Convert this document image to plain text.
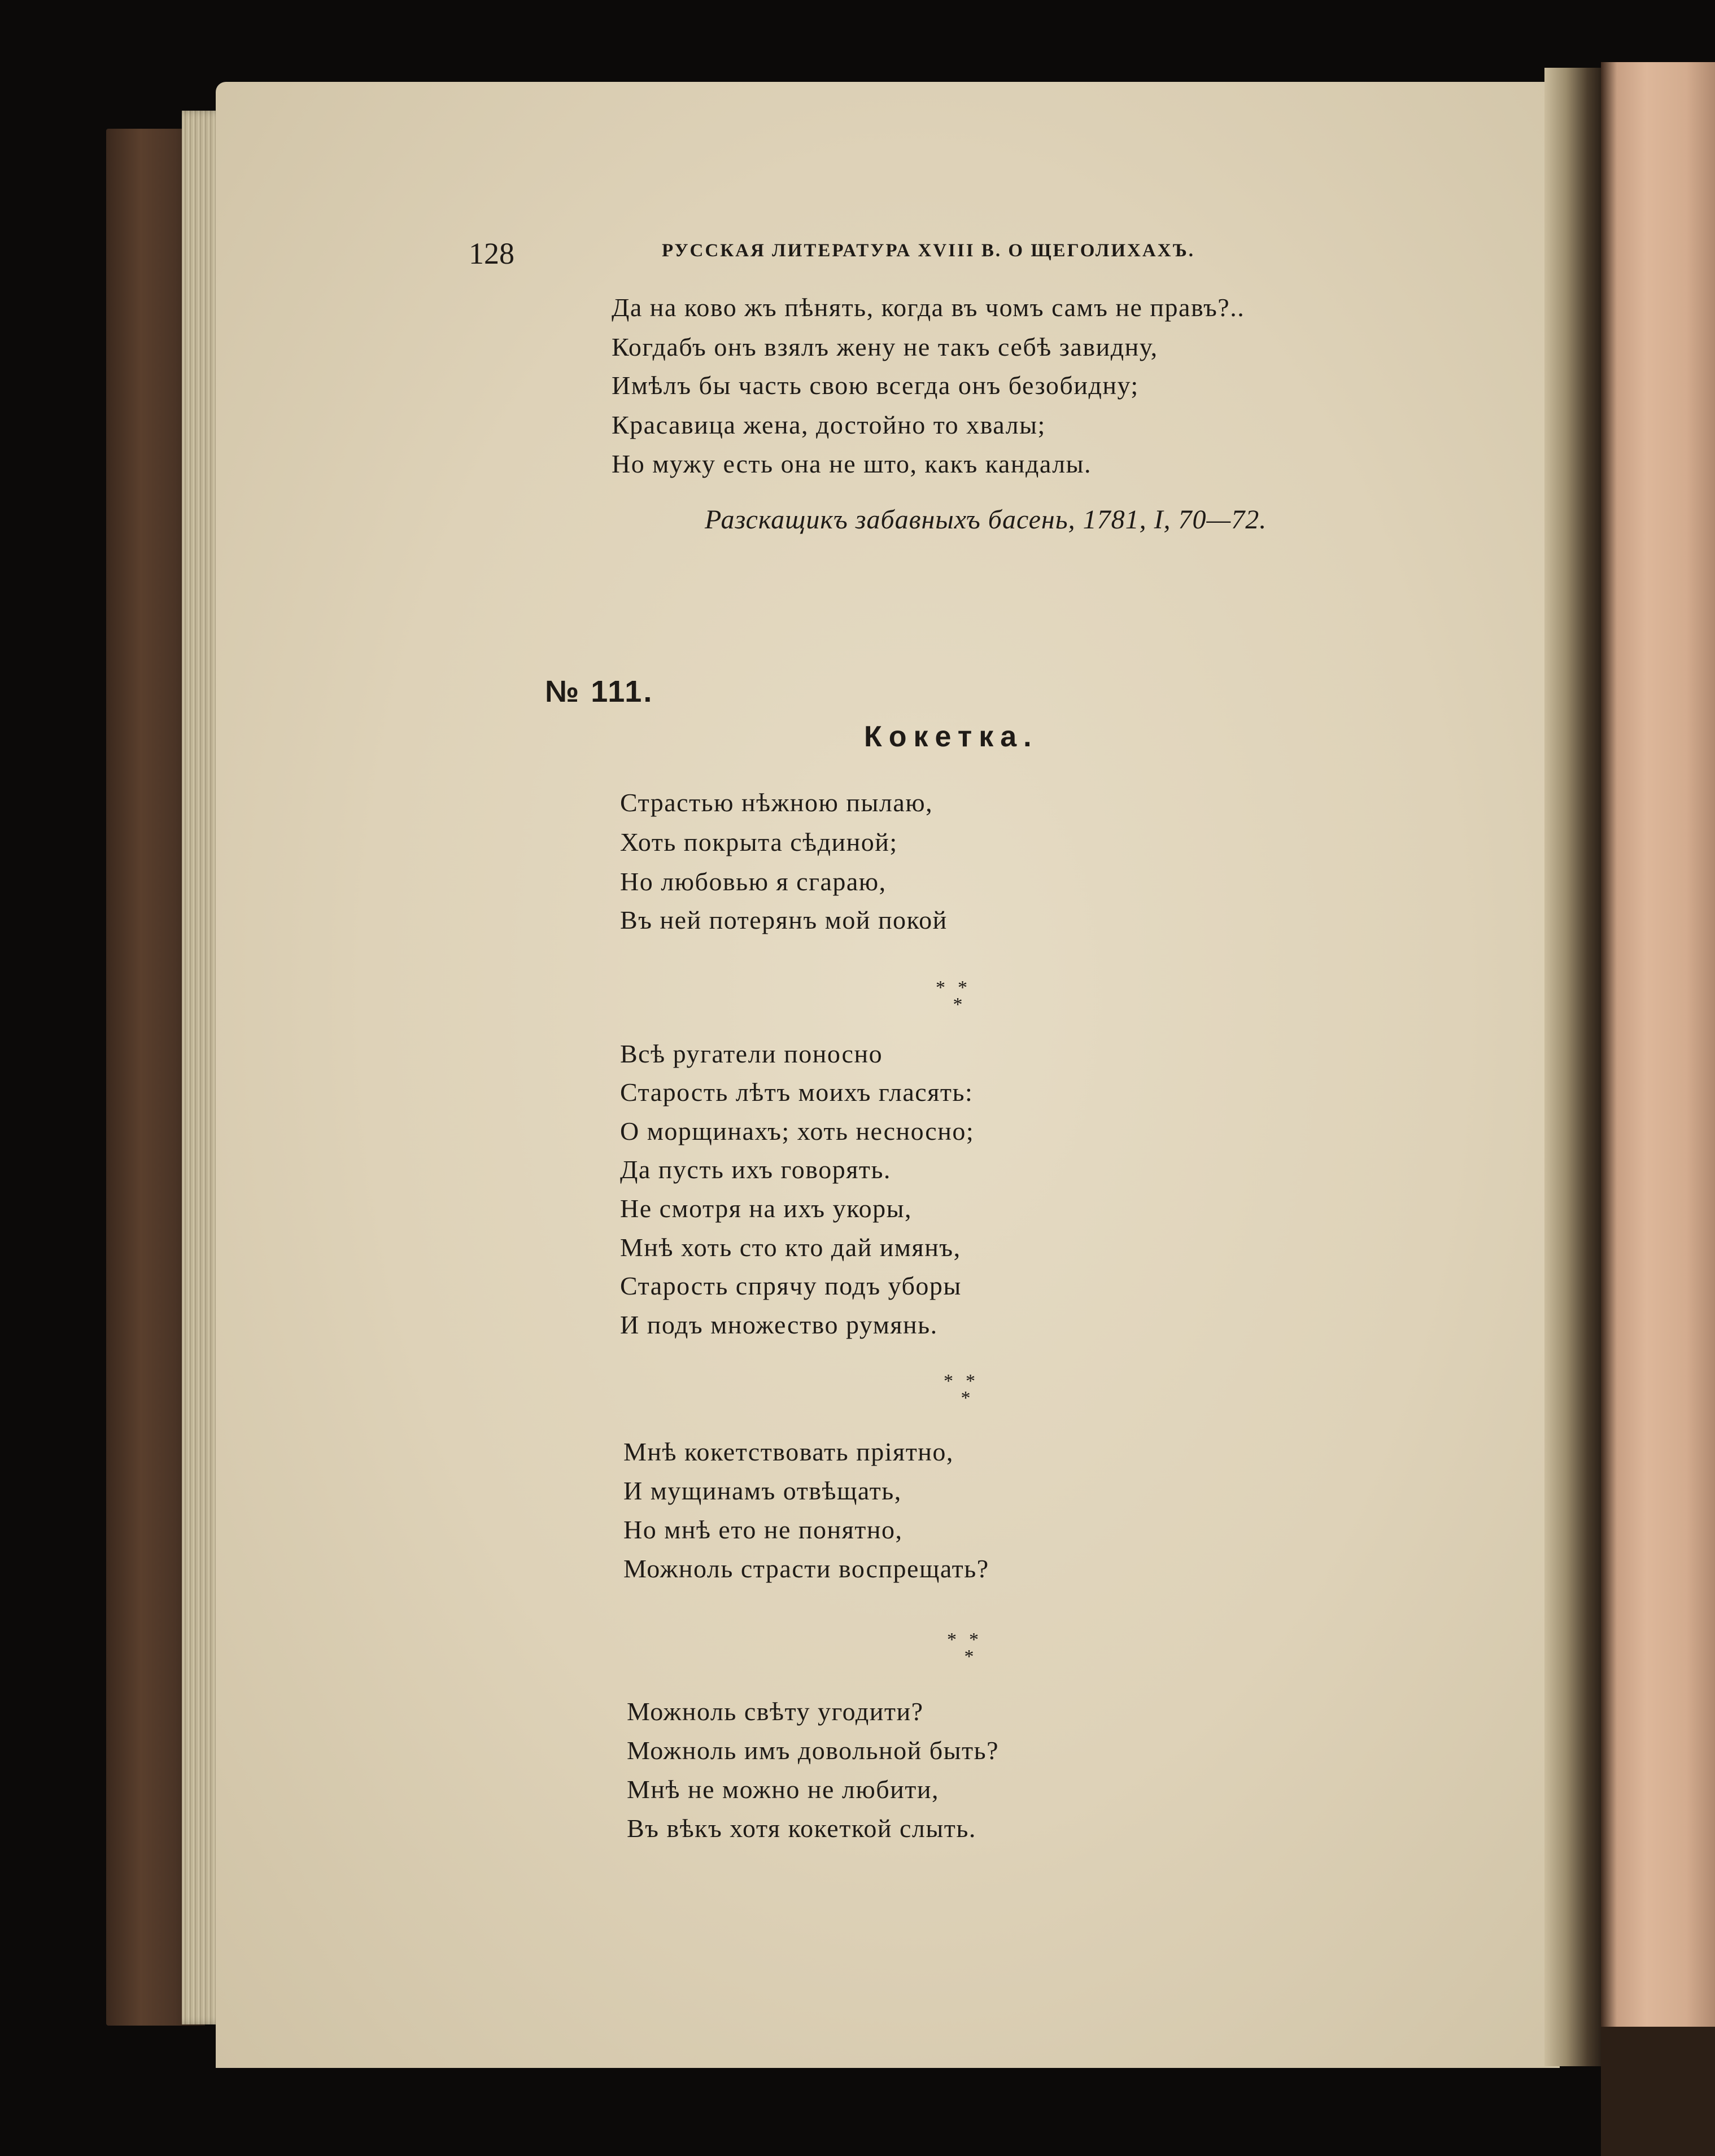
128	РУССКАЯ ЛИТЕРАТУРА XVIII В. О ЩЕГОЛИХАХЪ.
Да на ково жъ пѣнять, когда въ чомъ самъ не правъ?..
Когдабъ онъ взялъ жену не такъ себѣ завидну,
Имѣлъ бы часть свою всегда онъ безобидну;
Красавица жена, достойно то хвалы;
Но мужу есть она не што, какъ кандалы.
Разскащикъ забавныхъ басень, 1781, I, 70—72.
№ 111.
Кокетка.
Страстью нѣжною пылаю,
Хоть покрыта сѣдиной;
Но любовью я сгараю,
Въ ней потерянъ мой покой
**
*
Всѣ ругатели поносно
Старость лѣтъ моихъ гласять:
О морщинахъ; хоть несносно;
Да пусть ихъ говорять.
Не смотря на ихъ укоры,
Мнѣ хоть сто кто дай имянъ,
Старость спрячу подъ уборы
И подъ множество румянь.
**
*
Мнѣ кокетствовать пріятно,
И мущинамъ отвѣщать,
Но мнѣ ето не понятно,
Можноль страсти воспрещать?
**
*
Можноль свѣту угодити?
Можноль имъ довольной быть?
Мнѣ не можно не любити,
Въ вѣкъ хотя кокеткой слыть.
